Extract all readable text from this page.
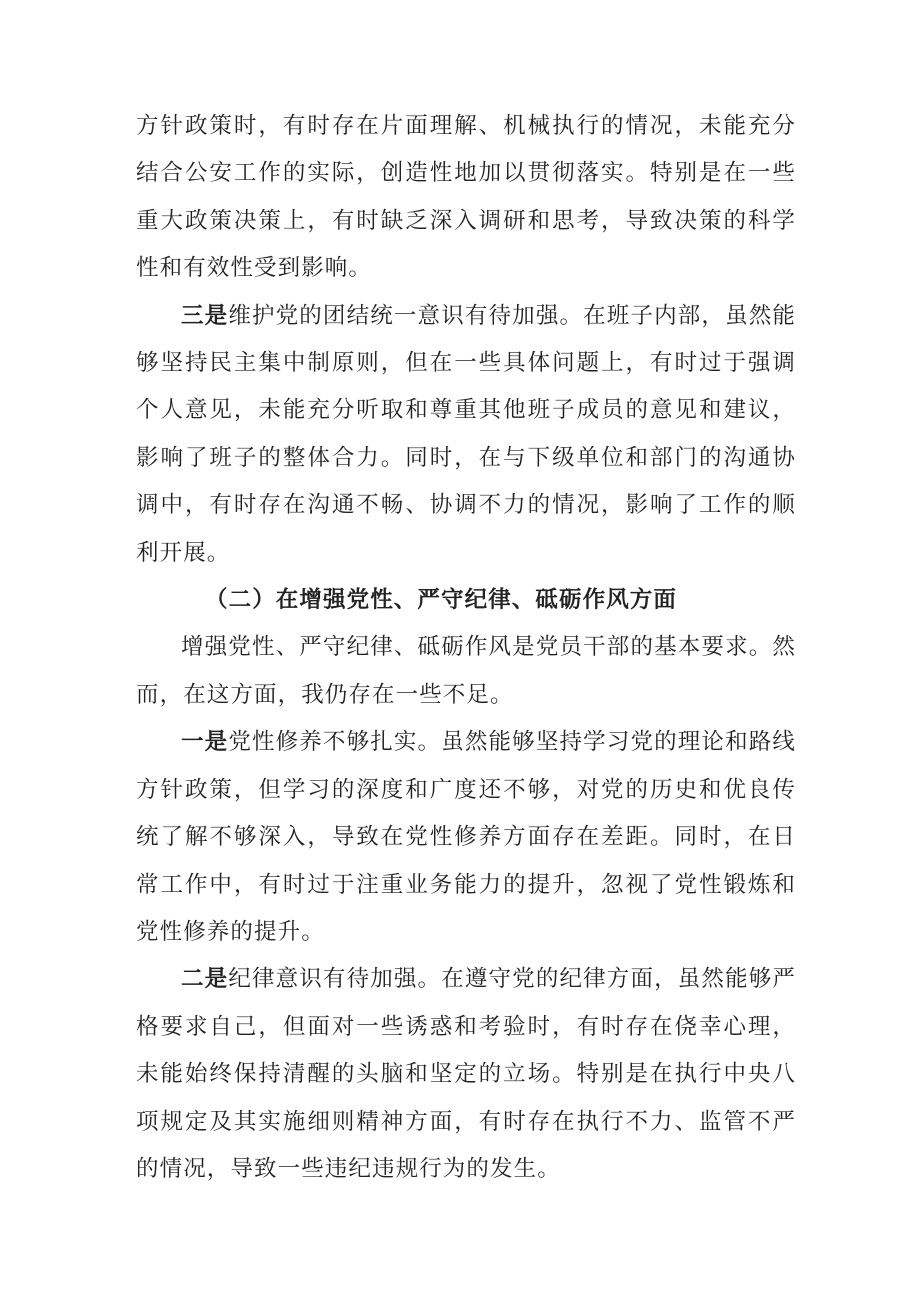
方针政策时，有时存在片面理解、机械执行的情况，未能充分结合公安工作的实际，创造性地加以贯彻落实。特别是在一些重大政策决策上，有时缺乏深入调研和思考，导致决策的科学性和有效性受到影响。

三是维护党的团结统一意识有待加强。在班子内部，虽然能够坚持民主集中制原则，但在一些具体问题上，有时过于强调个人意见，未能充分听取和尊重其他班子成员的意见和建议，影响了班子的整体合力。同时，在与下级单位和部门的沟通协调中，有时存在沟通不畅、协调不力的情况，影响了工作的顺利开展。

（二）在增强党性、严守纪律、砥砺作风方面

增强党性、严守纪律、砥砺作风是党员干部的基本要求。然而，在这方面，我仍存在一些不足。

一是党性修养不够扎实。虽然能够坚持学习党的理论和路线方针政策，但学习的深度和广度还不够，对党的历史和优良传统了解不够深入，导致在党性修养方面存在差距。同时，在日常工作中，有时过于注重业务能力的提升，忽视了党性锻炼和党性修养的提升。

二是纪律意识有待加强。在遵守党的纪律方面，虽然能够严格要求自己，但面对一些诱惑和考验时，有时存在侥幸心理，未能始终保持清醒的头脑和坚定的立场。特别是在执行中央八项规定及其实施细则精神方面，有时存在执行不力、监管不严的情况，导致一些违纪违规行为的发生。
